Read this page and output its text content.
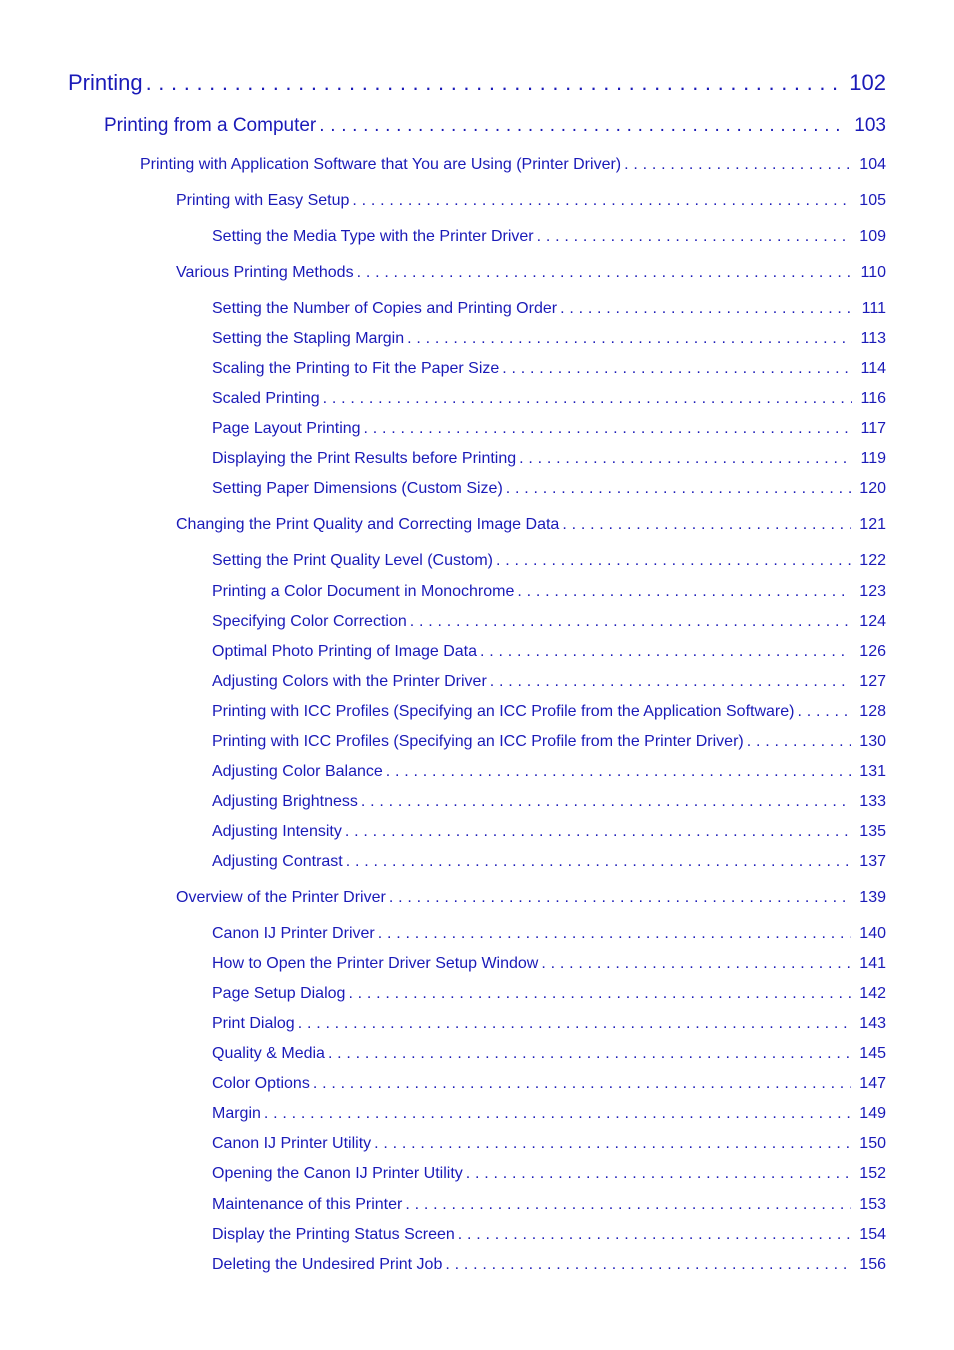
Printing .....	102
Printing from a Computer .....	103
Printing with Application Software that You are Using (Printer Driver) .....	104
Printing with Easy Setup .....	105
Setting the Media Type with the Printer Driver .....	109
Various Printing Methods .....	110
Setting the Number of Copies and Printing Order .....	111
Setting the Stapling Margin .....	113
Scaling the Printing to Fit the Paper Size .....	114
Scaled Printing .....	116
Page Layout Printing .....	117
Displaying the Print Results before Printing .....	119
Setting Paper Dimensions (Custom Size) .....	120
Changing the Print Quality and Correcting Image Data .....	121
Setting the Print Quality Level (Custom) .....	122
Printing a Color Document in Monochrome .....	123
Specifying Color Correction .....	124
Optimal Photo Printing of Image Data .....	126
Adjusting Colors with the Printer Driver .....	127
Printing with ICC Profiles (Specifying an ICC Profile from the Application Software) .....	128
Printing with ICC Profiles (Specifying an ICC Profile from the Printer Driver) .....	130
Adjusting Color Balance .....	131
Adjusting Brightness .....	133
Adjusting Intensity .....	135
Adjusting Contrast .....	137
Overview of the Printer Driver .....	139
Canon IJ Printer Driver .....	140
How to Open the Printer Driver Setup Window .....	141
Page Setup Dialog .....	142
Print Dialog .....	143
Quality & Media .....	145
Color Options .....	147
Margin .....	149
Canon IJ Printer Utility .....	150
Opening the Canon IJ Printer Utility .....	152
Maintenance of this Printer .....	153
Display the Printing Status Screen .....	154
Deleting the Undesired Print Job .....	156
